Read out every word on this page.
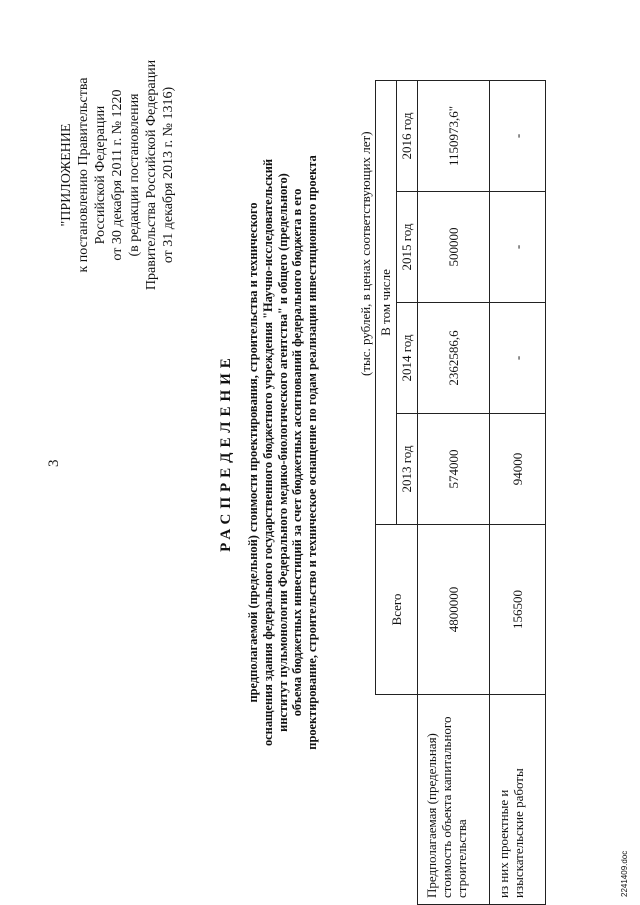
3
"ПРИЛОЖЕНИЕ к постановлению Правительства Российской Федерации от 30 декабря 2011 г. № 1220 (в редакции постановления Правительства Российской Федерации от 31 декабря 2013 г. № 1316)
РАСПРЕДЕЛЕНИЕ предполагаемой (предельной) стоимости проектирования, строительства и технического оснащения здания федерального государственного бюджетного учреждения "Научно-исследовательский институт пульмонологии Федерального медико-биологического агентства" и общего (предельного) объема бюджетных инвестиций за счет бюджетных ассигнований федерального бюджета в его проектирование, строительство и техническое оснащение по годам реализации инвестиционного проекта	(тыс. рублей, в ценах соответствующих лет)
	Всего	В том числе			
		2013 год	2014 год	2015 год	2016 год
Предполагаемая (предельная) стоимость объекта капитального строительства	4800000	574000	2362586,6	500000	1150973,6"
из них проектные и изыскательские работы	156500	94000	-	-	-
2241409.doc
